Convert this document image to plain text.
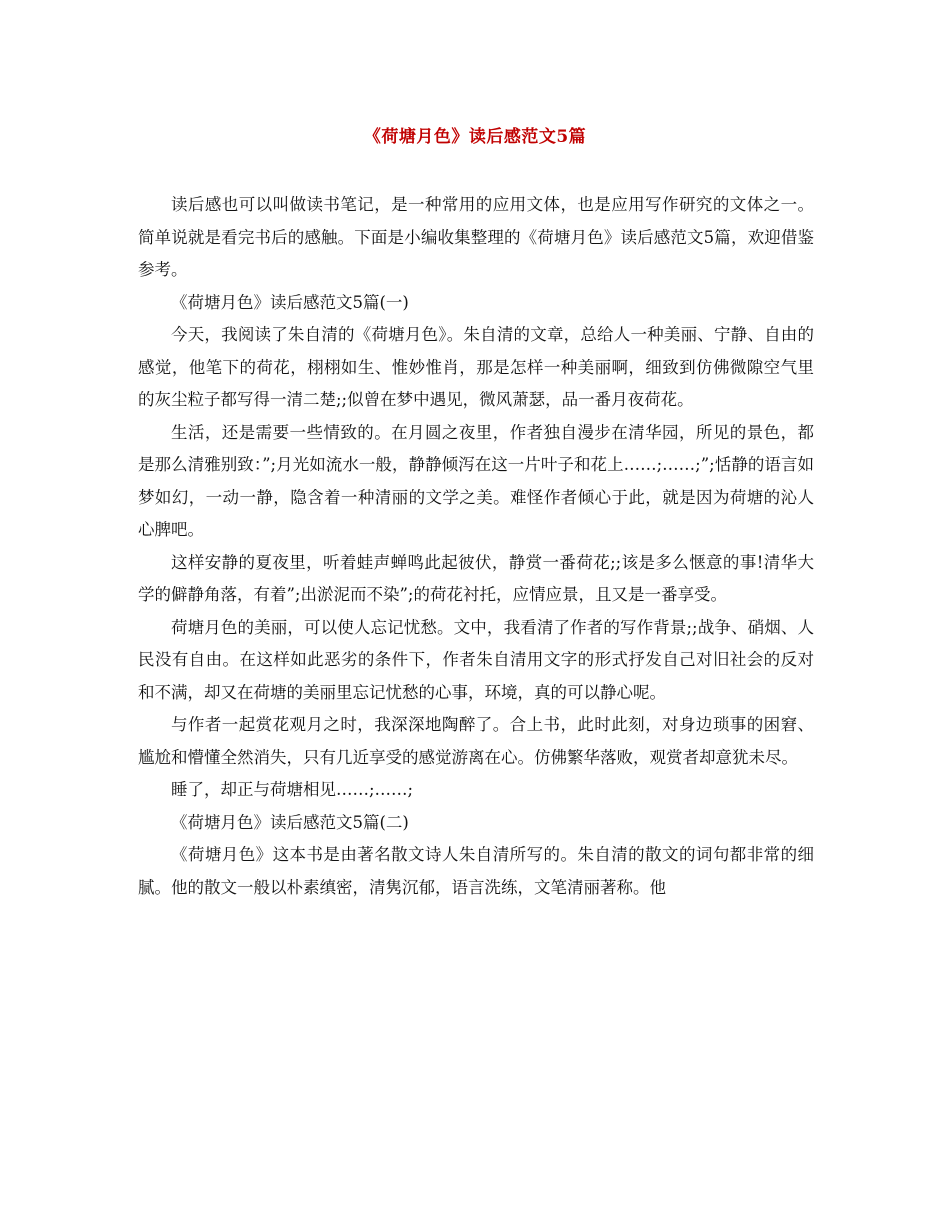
《荷塘月色》读后感范文5篇

读后感也可以叫做读书笔记，是一种常用的应用文体，也是应用写作研究的文体之一。简单说就是看完书后的感触。下面是小编收集整理的《荷塘月色》读后感范文5篇，欢迎借鉴参考。

《荷塘月色》读后感范文5篇(一)

今天，我阅读了朱自清的《荷塘月色》。朱自清的文章，总给人一种美丽、宁静、自由的感觉，他笔下的荷花，栩栩如生、惟妙惟肖，那是怎样一种美丽啊，细致到仿佛微隙空气里的灰尘粒子都写得一清二楚;;似曾在梦中遇见，微风萧瑟，品一番月夜荷花。

生活，还是需要一些情致的。在月圆之夜里，作者独自漫步在清华园，所见的景色，都是那么清雅别致：”;月光如流水一般，静静倾泻在这一片叶子和花上……;……;”;恬静的语言如梦如幻，一动一静，隐含着一种清丽的文学之美。难怪作者倾心于此，就是因为荷塘的沁人心脾吧。

这样安静的夏夜里，听着蛙声蝉鸣此起彼伏，静赏一番荷花;;该是多么惬意的事!清华大学的僻静角落，有着”;出淤泥而不染”;的荷花衬托，应情应景，且又是一番享受。

荷塘月色的美丽，可以使人忘记忧愁。文中，我看清了作者的写作背景;;战争、硝烟、人民没有自由。在这样如此恶劣的条件下，作者朱自清用文字的形式抒发自己对旧社会的反对和不满，却又在荷塘的美丽里忘记忧愁的心事，环境，真的可以静心呢。

与作者一起赏花观月之时，我深深地陶醉了。合上书，此时此刻，对身边琐事的困窘、尴尬和懵懂全然消失，只有几近享受的感觉游离在心。仿佛繁华落败，观赏者却意犹未尽。

睡了，却正与荷塘相见……;……;

《荷塘月色》读后感范文5篇(二)

《荷塘月色》这本书是由著名散文诗人朱自清所写的。朱自清的散文的词句都非常的细腻。他的散文一般以朴素缜密，清隽沉郁，语言洗练，文笔清丽著称。他
